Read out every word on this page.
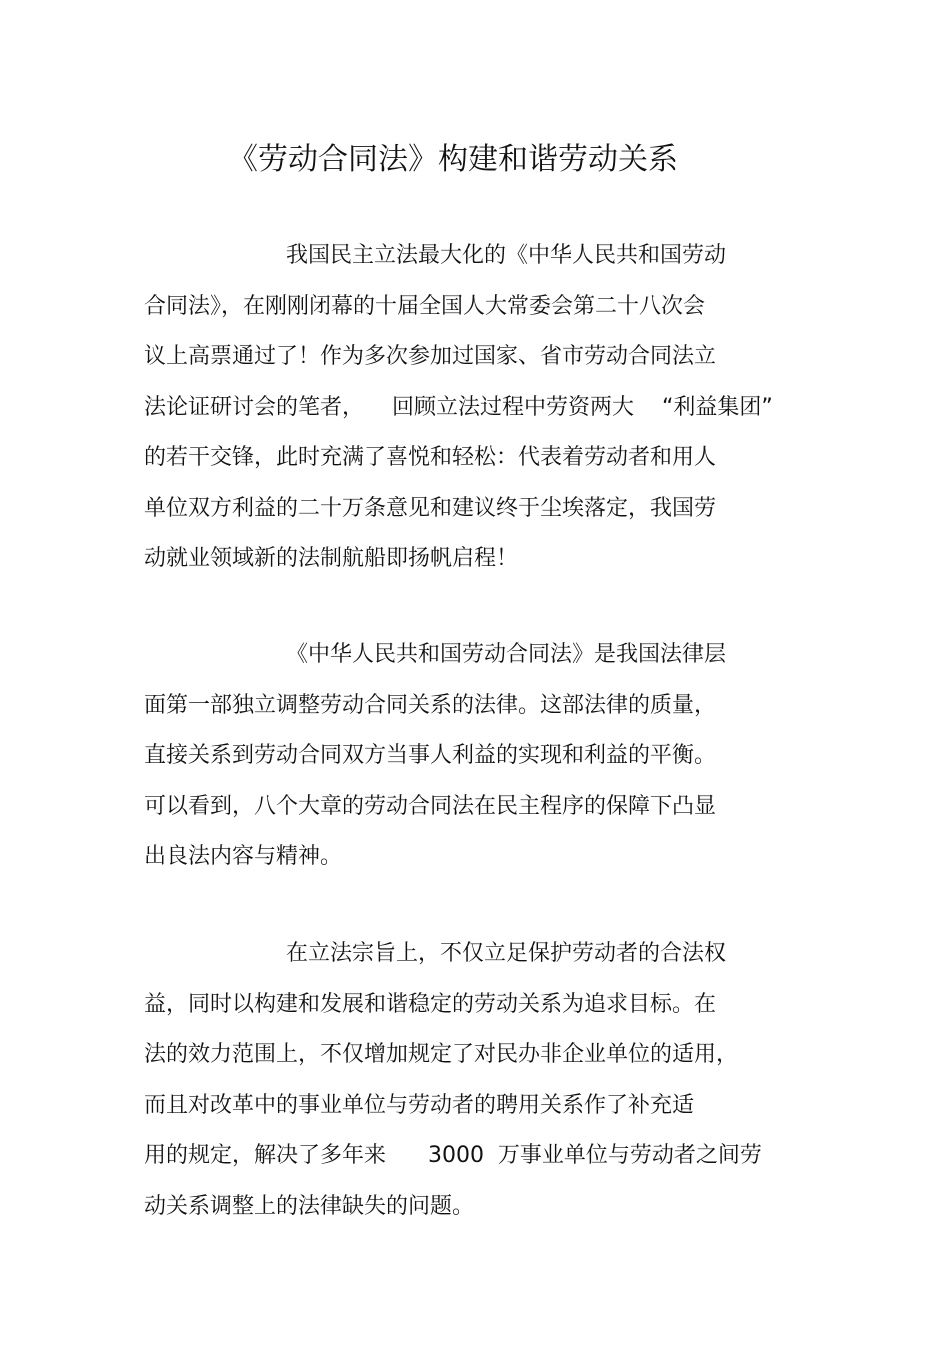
《劳动合同法》构建和谐劳动关系
我国民主立法最大化的《中华人民共和国劳动
合同法》，在刚刚闭幕的十届全国人大常委会第二十八次会
议上高票通过了！作为多次参加过国家、省市劳动合同法立
法论证研讨会的笔者，    回顾立法过程中劳资两大    “利益集团”
的若干交锋，此时充满了喜悦和轻松：代表着劳动者和用人
单位双方利益的二十万条意见和建议终于尘埃落定，我国劳
动就业领域新的法制航船即扬帆启程！
《中华人民共和国劳动合同法》是我国法律层
面第一部独立调整劳动合同关系的法律。这部法律的质量，
直接关系到劳动合同双方当事人利益的实现和利益的平衡。
可以看到，八个大章的劳动合同法在民主程序的保障下凸显
出良法内容与精神。
在立法宗旨上，不仅立足保护劳动者的合法权
益，同时以构建和发展和谐稳定的劳动关系为追求目标。在
法的效力范围上，不仅增加规定了对民办非企业单位的适用，
而且对改革中的事业单位与劳动者的聘用关系作了补充适
用的规定，解决了多年来      3000  万事业单位与劳动者之间劳
动关系调整上的法律缺失的问题。
